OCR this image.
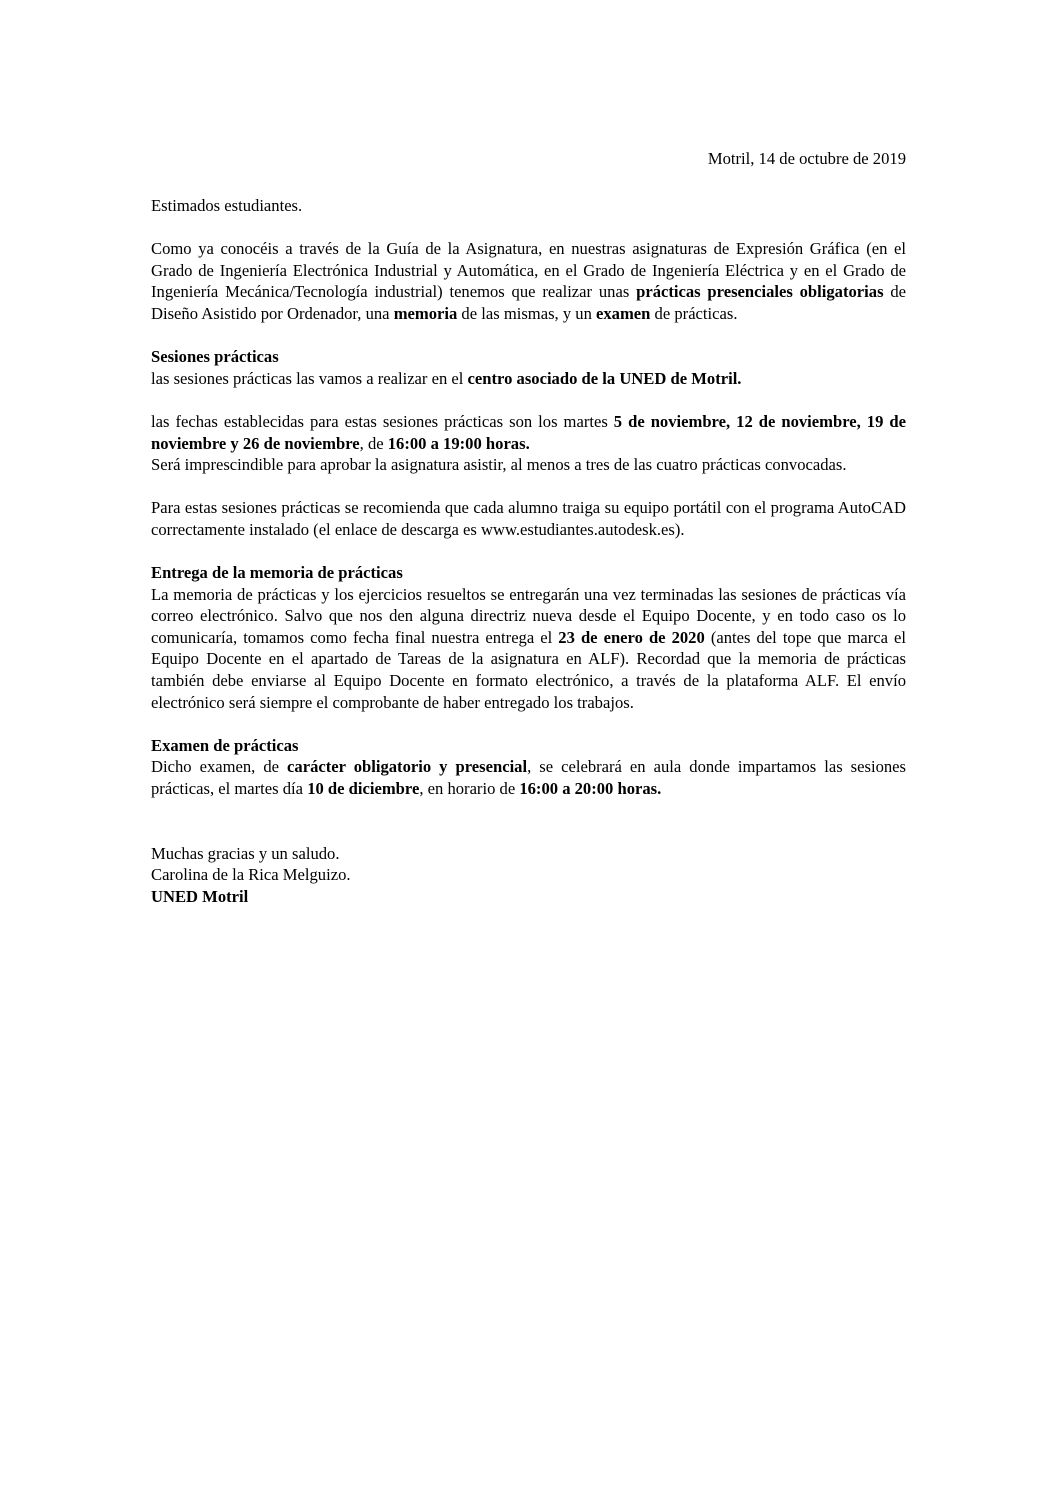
Motril, 14 de octubre de 2019

Estimados estudiantes.

Como ya conocéis a través de la Guía de la Asignatura, en nuestras asignaturas de Expresión Gráfica (en el Grado de Ingeniería Electrónica Industrial y Automática, en el Grado de Ingeniería Eléctrica y en el Grado de Ingeniería Mecánica/Tecnología industrial) tenemos que realizar unas prácticas presenciales obligatorias de Diseño Asistido por Ordenador, una memoria de las mismas, y un examen de prácticas.

Sesiones prácticas

las sesiones prácticas las vamos a realizar en el centro asociado de la UNED de Motril.

las fechas establecidas para estas sesiones prácticas son los martes 5 de noviembre, 12 de noviembre, 19 de noviembre y 26 de noviembre, de 16:00 a 19:00 horas.

Será imprescindible para aprobar la asignatura asistir, al menos a tres de las cuatro prácticas convocadas.

Para estas sesiones prácticas se recomienda que cada alumno traiga su equipo portátil con el programa AutoCAD correctamente instalado (el enlace de descarga es www.estudiantes.autodesk.es).

Entrega de la memoria de prácticas

La memoria de prácticas y los ejercicios resueltos se entregarán una vez terminadas las sesiones de prácticas vía correo electrónico. Salvo que nos den alguna directriz nueva desde el Equipo Docente, y en todo caso os lo comunicaría, tomamos como fecha final nuestra entrega el 23 de enero de 2020 (antes del tope que marca el Equipo Docente en el apartado de Tareas de la asignatura en ALF). Recordad que la memoria de prácticas también debe enviarse al Equipo Docente en formato electrónico, a través de la plataforma ALF. El envío electrónico será siempre el comprobante de haber entregado los trabajos.

Examen de prácticas

Dicho examen, de carácter obligatorio y presencial, se celebrará en aula donde impartamos las sesiones prácticas, el martes día 10 de diciembre, en horario de 16:00 a 20:00 horas.

Muchas gracias y un saludo.
Carolina de la Rica Melguizo.
UNED Motril
